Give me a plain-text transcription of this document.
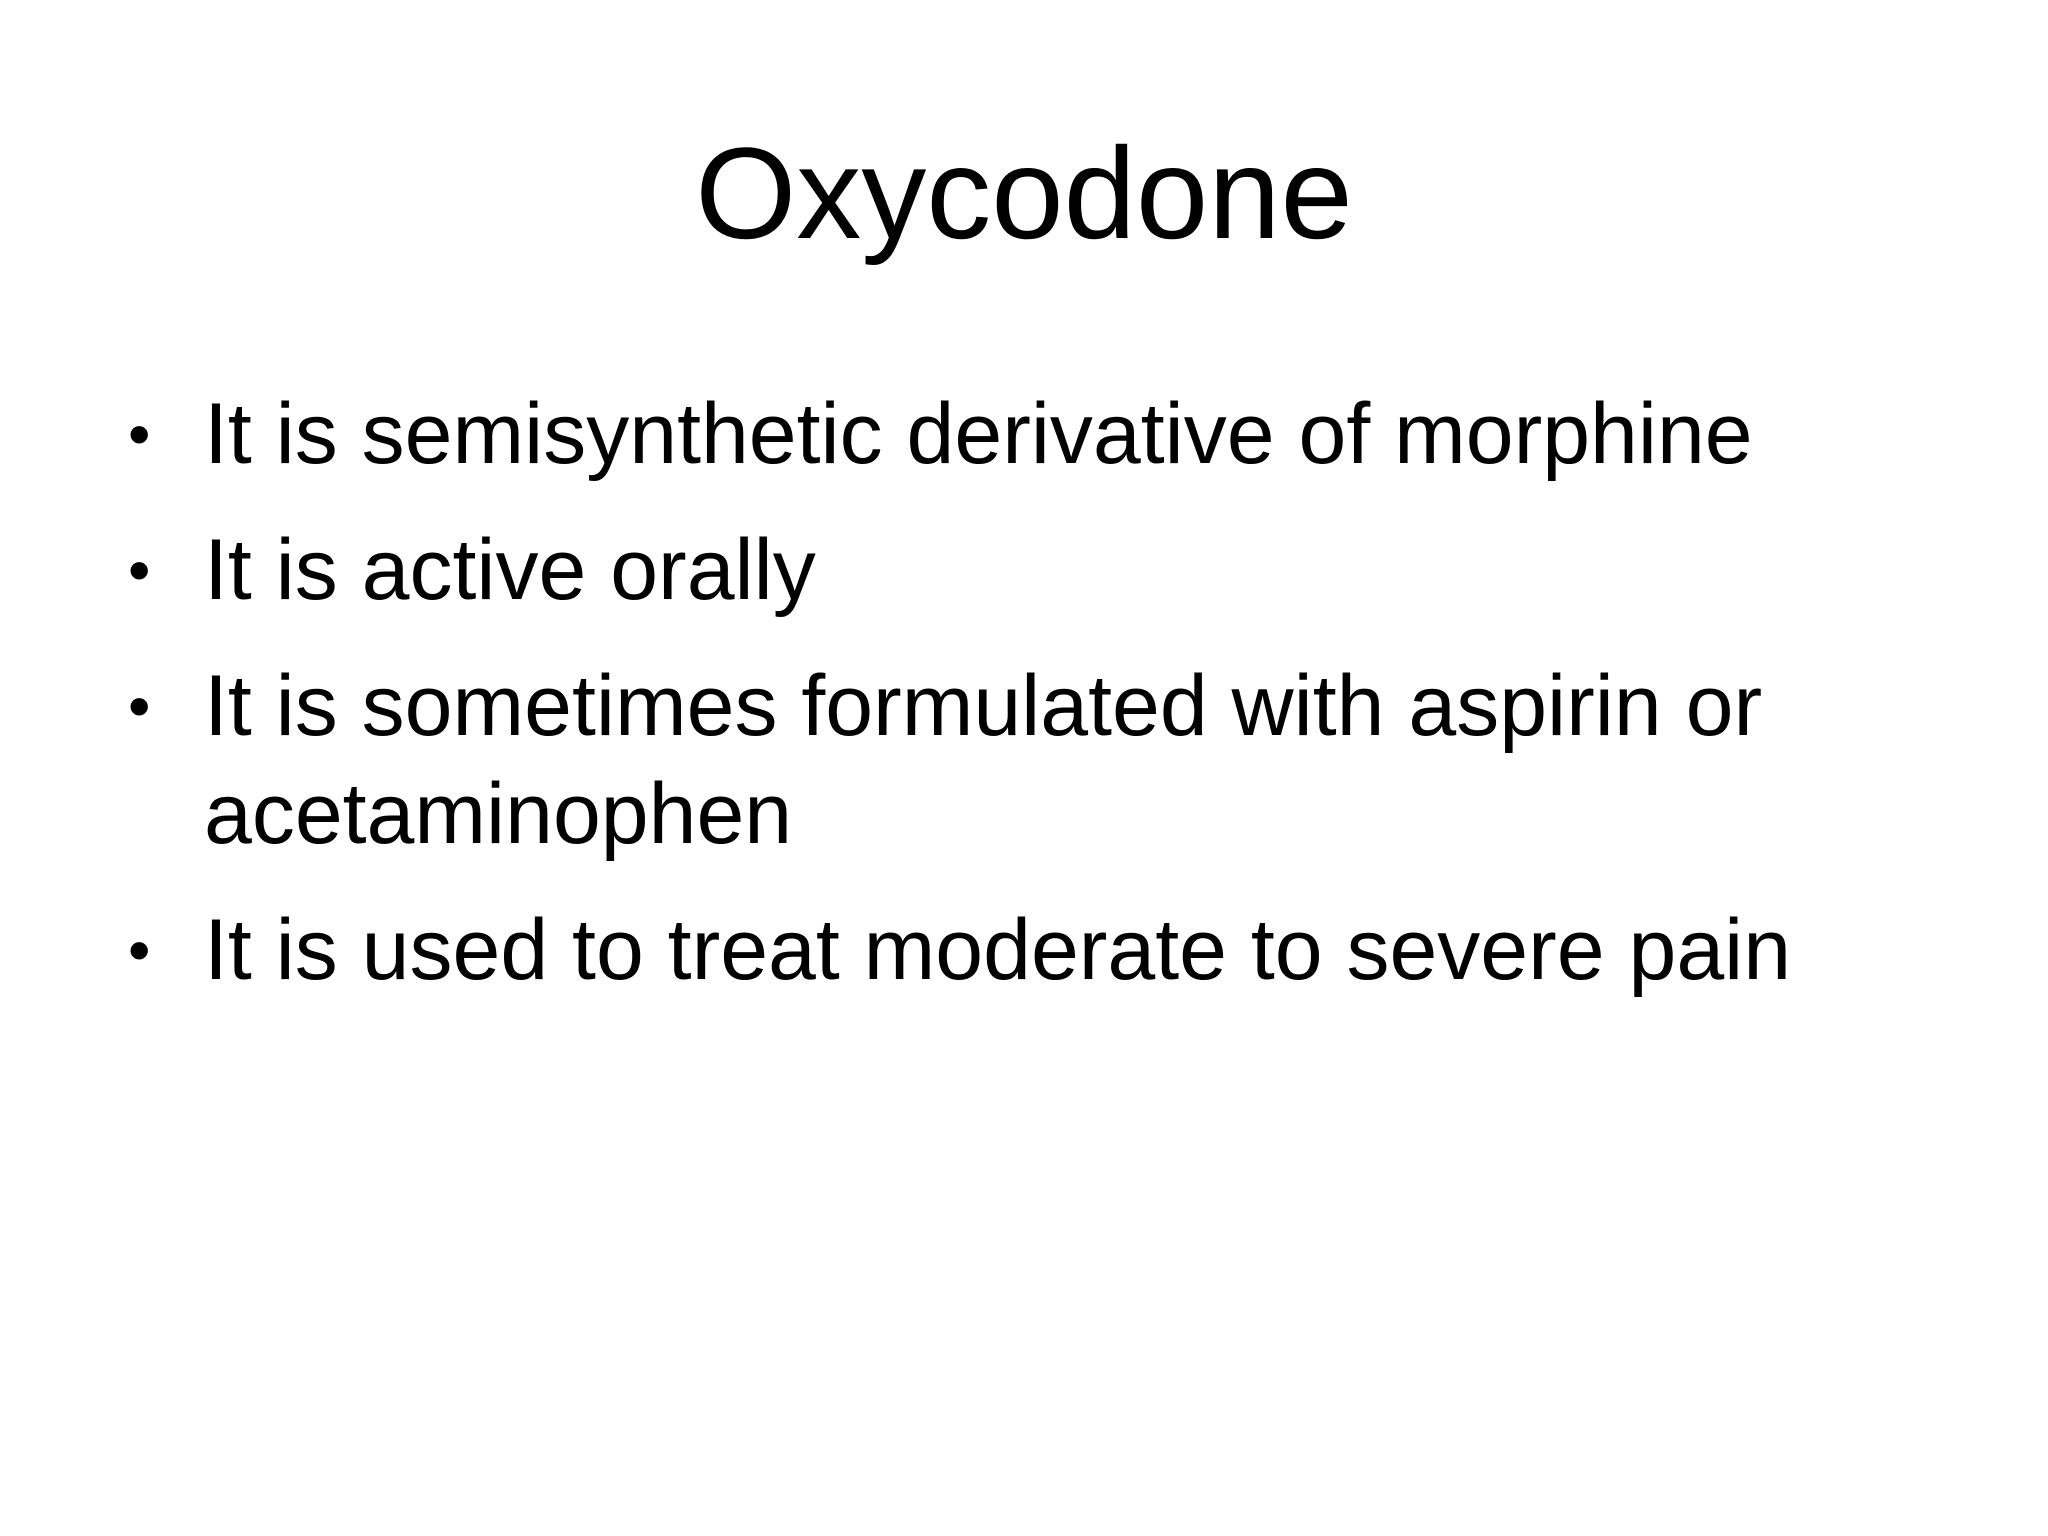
Oxycodone
• It is semisynthetic derivative of morphine
• It is active orally
• It is sometimes formulated with aspirin or acetaminophen
• It is used to treat moderate to severe pain
